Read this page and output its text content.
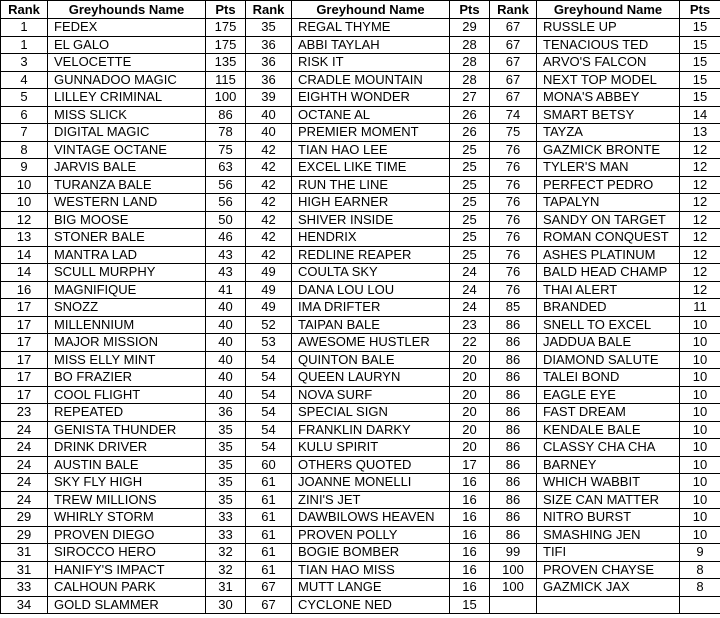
Rank	Greyhounds Name	Pts	Rank	Greyhound Name	Pts	Rank	Greyhound Name	Pts
1	FEDEX	175	35	REGAL THYME	29	67	RUSSLE UP	15
1	EL GALO	175	36	ABBI TAYLAH	28	67	TENACIOUS TED	15
3	VELOCETTE	135	36	RISK IT	28	67	ARVO'S FALCON	15
4	GUNNADOO MAGIC	115	36	CRADLE MOUNTAIN	28	67	NEXT TOP MODEL	15
5	LILLEY CRIMINAL	100	39	EIGHTH WONDER	27	67	MONA'S ABBEY	15
6	MISS SLICK	86	40	OCTANE AL	26	74	SMART BETSY	14
7	DIGITAL MAGIC	78	40	PREMIER MOMENT	26	75	TAYZA	13
8	VINTAGE OCTANE	75	42	TIAN HAO LEE	25	76	GAZMICK BRONTE	12
9	JARVIS BALE	63	42	EXCEL LIKE TIME	25	76	TYLER'S MAN	12
10	TURANZA BALE	56	42	RUN THE LINE	25	76	PERFECT PEDRO	12
10	WESTERN LAND	56	42	HIGH EARNER	25	76	TAPALYN	12
12	BIG MOOSE	50	42	SHIVER INSIDE	25	76	SANDY ON TARGET	12
13	STONER BALE	46	42	HENDRIX	25	76	ROMAN CONQUEST	12
14	MANTRA LAD	43	42	REDLINE REAPER	25	76	ASHES PLATINUM	12
14	SCULL MURPHY	43	49	COULTA SKY	24	76	BALD HEAD CHAMP	12
16	MAGNIFIQUE	41	49	DANA LOU LOU	24	76	THAI ALERT	12
17	SNOZZ	40	49	IMA DRIFTER	24	85	BRANDED	11
17	MILLENNIUM	40	52	TAIPAN BALE	23	86	SNELL TO EXCEL	10
17	MAJOR MISSION	40	53	AWESOME HUSTLER	22	86	JADDUA BALE	10
17	MISS ELLY MINT	40	54	QUINTON BALE	20	86	DIAMOND SALUTE	10
17	BO FRAZIER	40	54	QUEEN LAURYN	20	86	TALEI BOND	10
17	COOL FLIGHT	40	54	NOVA SURF	20	86	EAGLE EYE	10
23	REPEATED	36	54	SPECIAL SIGN	20	86	FAST DREAM	10
24	GENISTA THUNDER	35	54	FRANKLIN DARKY	20	86	KENDALE BALE	10
24	DRINK DRIVER	35	54	KULU SPIRIT	20	86	CLASSY CHA CHA	10
24	AUSTIN BALE	35	60	OTHERS QUOTED	17	86	BARNEY	10
24	SKY FLY HIGH	35	61	JOANNE MONELLI	16	86	WHICH WABBIT	10
24	TREW MILLIONS	35	61	ZINI'S JET	16	86	SIZE CAN MATTER	10
29	WHIRLY STORM	33	61	DAWBILOWS HEAVEN	16	86	NITRO BURST	10
29	PROVEN DIEGO	33	61	PROVEN POLLY	16	86	SMASHING JEN	10
31	SIROCCO HERO	32	61	BOGIE BOMBER	16	99	TIFI	9
31	HANIFY'S IMPACT	32	61	TIAN HAO MISS	16	100	PROVEN CHAYSE	8
33	CALHOUN PARK	31	67	MUTT LANGE	16	100	GAZMICK JAX	8
34	GOLD SLAMMER	30	67	CYCLONE NED	15			
